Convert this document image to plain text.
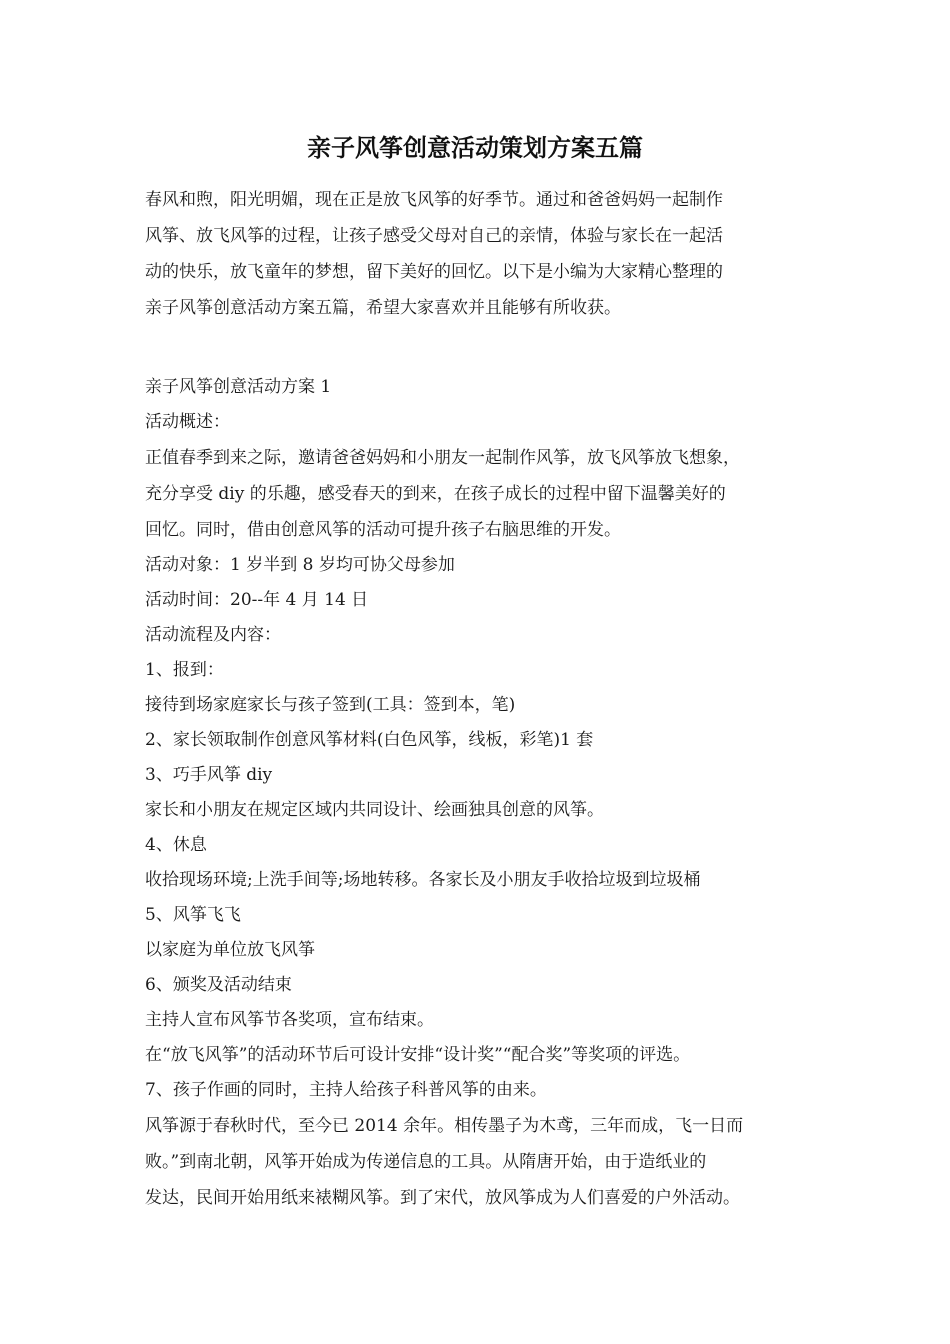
亲子风筝创意活动策划方案五篇
春风和煦，阳光明媚，现在正是放飞风筝的好季节。通过和爸爸妈妈一起制作
风筝、放飞风筝的过程，让孩子感受父母对自己的亲情，体验与家长在一起活
动的快乐，放飞童年的梦想，留下美好的回忆。以下是小编为大家精心整理的
亲子风筝创意活动方案五篇，希望大家喜欢并且能够有所收获。
亲子风筝创意活动方案 1
活动概述：
正值春季到来之际，邀请爸爸妈妈和小朋友一起制作风筝，放飞风筝放飞想象，
充分享受 diy 的乐趣，感受春天的到来，在孩子成长的过程中留下温馨美好的
回忆。同时，借由创意风筝的活动可提升孩子右脑思维的开发。
活动对象：1 岁半到 8 岁均可协父母参加
活动时间：20--年 4 月 14 日
活动流程及内容：
1、报到：
接待到场家庭家长与孩子签到(工具：签到本，笔)
2、家长领取制作创意风筝材料(白色风筝，线板，彩笔)1 套
3、巧手风筝 diy
家长和小朋友在规定区域内共同设计、绘画独具创意的风筝。
4、休息
收拾现场环境;上洗手间等;场地转移。各家长及小朋友手收拾垃圾到垃圾桶
5、风筝飞飞
以家庭为单位放飞风筝
6、颁奖及活动结束
主持人宣布风筝节各奖项，宣布结束。
在“放飞风筝”的活动环节后可设计安排“设计奖”“配合奖”等奖项的评选。
7、孩子作画的同时，主持人给孩子科普风筝的由来。
风筝源于春秋时代，至今已 2014 余年。相传墨子为木鸢，三年而成，飞一日而
败。”到南北朝，风筝开始成为传递信息的工具。从隋唐开始，由于造纸业的
发达，民间开始用纸来裱糊风筝。到了宋代，放风筝成为人们喜爱的户外活动。
